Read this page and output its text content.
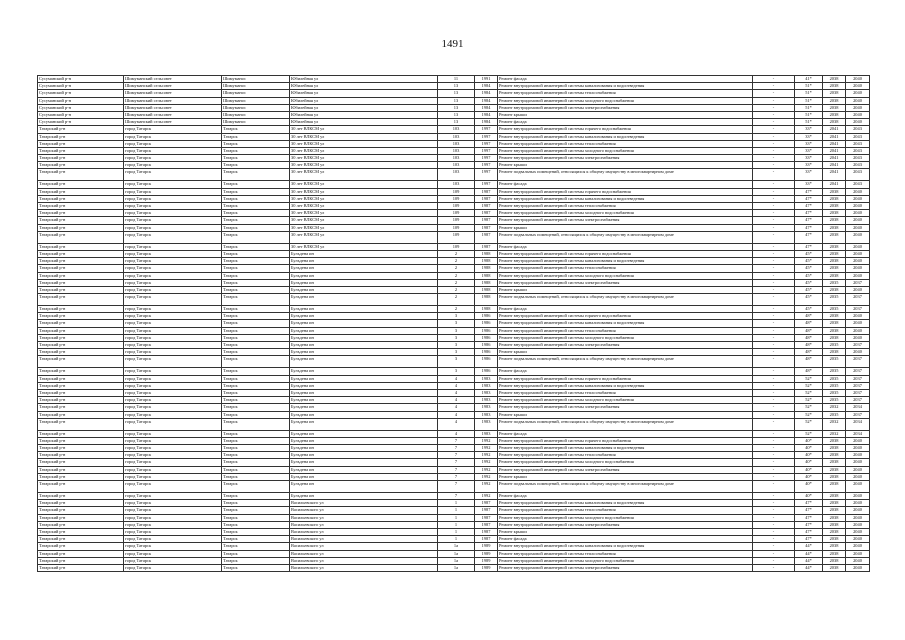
1491
Сусуманский р-н	Шимуманский сельсовет	Шимуманос	Юбилейная ул	11	1991	Ремонт фасада	-	41*	2038	2040
Сусуманский р-н	Шимуманский сельсовет	Шимуманос	Юбилейная ул	13	1984	Ремонт внутридомовой инженерной системы канализования и водоотведения	-	51*	2038	2040
Сусуманский р-н	Шимуманский сельсовет	Шимуманос	Юбилейная ул	13	1984	Ремонт внутридомовой инженерной системы теплоснабжения	-	51*	2038	2040
Сусуманский р-н	Шимуманский сельсовет	Шимуманос	Юбилейная ул	13	1984	Ремонт внутридомовой инженерной системы холодного водоснабжения	-	51*	2038	2040
Сусуманский р-н	Шимуманский сельсовет	Шимуманос	Юбилейная ул	13	1984	Ремонт внутридомовой инженерной системы электроснабжения	-	51*	2038	2040
Сусуманский р-н	Шимуманский сельсовет	Шимуманос	Юбилейная ул	13	1984	Ремонт крыши	-	51*	2038	2040
Сусуманский р-н	Шимуманский сельсовет	Шимуманос	Юбилейная ул	13	1984	Ремонт фасада	-	51*	2038	2040
Татарский р-н	город Татарск	Татарск	30 лет ВЛКСМ ул	103	1997	Ремонт внутридомовой инженерной системы горячего водоснабжения	-	33*	2041	2043
Татарский р-н	город Татарск	Татарск	30 лет ВЛКСМ ул	103	1997	Ремонт внутридомовой инженерной системы канализования и водоотведения	-	33*	2041	2043
Татарский р-н	город Татарск	Татарск	30 лет ВЛКСМ ул	103	1997	Ремонт внутридомовой инженерной системы теплоснабжения	-	33*	2041	2043
Татарский р-н	город Татарск	Татарск	30 лет ВЛКСМ ул	103	1997	Ремонт внутридомовой инженерной системы холодного водоснабжения	-	33*	2041	2043
Татарский р-н	город Татарск	Татарск	30 лет ВЛКСМ ул	103	1997	Ремонт внутридомовой инженерной системы электроснабжения	-	33*	2041	2043
Татарский р-н	город Татарск	Татарск	30 лет ВЛКСМ ул	103	1997	Ремонт крыши	-	33*	2041	2043
Татарский р-н	город Татарск	Татарск	30 лет ВЛКСМ ул	103	1997	Ремонт подвальных помещений, относящихся к общему имуществу в многоквартирном доме	-	33*	2041	2043
Татарский р-н	город Татарск	Татарск	30 лет ВЛКСМ ул	103	1997	Ремонт фасада	-	33*	2041	2043
Татарский р-н	город Татарск	Татарск	30 лет ВЛКСМ ул	109	1987	Ремонт внутридомовой инженерной системы горячего водоснабжения	-	47*	2038	2040
Татарский р-н	город Татарск	Татарск	30 лет ВЛКСМ ул	109	1987	Ремонт внутридомовой инженерной системы канализования и водоотведения	-	47*	2038	2040
Татарский р-н	город Татарск	Татарск	30 лет ВЛКСМ ул	109	1987	Ремонт внутридомовой инженерной системы теплоснабжения	-	47*	2038	2040
Татарский р-н	город Татарск	Татарск	30 лет ВЛКСМ ул	109	1987	Ремонт внутридомовой инженерной системы холодного водоснабжения	-	47*	2038	2040
Татарский р-н	город Татарск	Татарск	30 лет ВЛКСМ ул	109	1987	Ремонт внутридомовой инженерной системы электроснабжения	-	47*	2038	2040
Татарский р-н	город Татарск	Татарск	30 лет ВЛКСМ ул	109	1987	Ремонт крыши	-	47*	2038	2040
Татарский р-н	город Татарск	Татарск	30 лет ВЛКСМ ул	109	1987	Ремонт подвальных помещений, относящихся к общему имуществу в многоквартирном доме	-	47*	2038	2040
Татарский р-н	город Татарск	Татарск	30 лет ВЛКСМ ул	109	1987	Ремонт фасада	-	47*	2038	2040
Татарский р-н	город Татарск	Татарск	Бульдена ин	2	1988	Ремонт внутридомовой инженерной системы горячего водоснабжения	-	45*	2038	2040
Татарский р-н	город Татарск	Татарск	Бульдена ин	2	1988	Ремонт внутридомовой инженерной системы канализования и водоотведения	-	45*	2038	2040
Татарский р-н	город Татарск	Татарск	Бульдена ин	2	1988	Ремонт внутридомовой инженерной системы теплоснабжения	-	45*	2038	2040
Татарский р-н	город Татарск	Татарск	Бульдена ин	2	1988	Ремонт внутридомовой инженерной системы холодного водоснабжения	-	45*	2038	2040
Татарский р-н	город Татарск	Татарск	Бульдена ин	2	1988	Ремонт внутридомовой инженерной системы электроснабжения	-	45*	2035	2037
Татарский р-н	город Татарск	Татарск	Бульдена ин	2	1988	Ремонт крыши	-	45*	2038	2040
Татарский р-н	город Татарск	Татарск	Бульдена ин	2	1988	Ремонт подвальных помещений, относящихся к общему имуществу в многоквартирном доме	-	45*	2035	2037
Татарский р-н	город Татарск	Татарск	Бульдена ин	2	1988	Ремонт фасада	-	45*	2035	2037
Татарский р-н	город Татарск	Татарск	Бульдена ин	3	1986	Ремонт внутридомовой инженерной системы горячего водоснабжения	-	48*	2038	2040
Татарский р-н	город Татарск	Татарск	Бульдена ин	3	1986	Ремонт внутридомовой инженерной системы канализования и водоотведения	-	48*	2038	2040
Татарский р-н	город Татарск	Татарск	Бульдена ин	3	1986	Ремонт внутридомовой инженерной системы теплоснабжения	-	48*	2038	2040
Татарский р-н	город Татарск	Татарск	Бульдена ин	3	1986	Ремонт внутридомовой инженерной системы холодного водоснабжения	-	48*	2038	2040
Татарский р-н	город Татарск	Татарск	Бульдена ин	3	1986	Ремонт внутридомовой инженерной системы электроснабжения	-	48*	2035	2037
Татарский р-н	город Татарск	Татарск	Бульдена ин	3	1986	Ремонт крыши	-	48*	2038	2040
Татарский р-н	город Татарск	Татарск	Бульдена ин	3	1986	Ремонт подвальных помещений, относящихся к общему имуществу в многоквартирном доме	-	48*	2035	2037
Татарский р-н	город Татарск	Татарск	Бульдена ин	3	1986	Ремонт фасада	-	48*	2035	2037
Татарский р-н	город Татарск	Татарск	Бульдена ин	4	1983	Ремонт внутридомовой инженерной системы горячего водоснабжения	-	52*	2035	2037
Татарский р-н	город Татарск	Татарск	Бульдена ин	4	1983	Ремонт внутридомовой инженерной системы канализования и водоотведения	-	52*	2035	2037
Татарский р-н	город Татарск	Татарск	Бульдена ин	4	1983	Ремонт внутридомовой инженерной системы теплоснабжения	-	52*	2035	2037
Татарский р-н	город Татарск	Татарск	Бульдена ин	4	1983	Ремонт внутридомовой инженерной системы холодного водоснабжения	-	52*	2035	2037
Татарский р-н	город Татарск	Татарск	Бульдена ин	4	1983	Ремонт внутридомовой инженерной системы электроснабжения	-	52*	2032	2034
Татарский р-н	город Татарск	Татарск	Бульдена ин	4	1983	Ремонт крыши	-	52*	2035	2037
Татарский р-н	город Татарск	Татарск	Бульдена ин	4	1983	Ремонт подвальных помещений, относящихся к общему имуществу в многоквартирном доме	-	52*	2032	2034
Татарский р-н	город Татарск	Татарск	Бульдена ин	4	1983	Ремонт фасада	-	52*	2032	2034
Татарский р-н	город Татарск	Татарск	Бульдена ин	7	1992	Ремонт внутридомовой инженерной системы горячего водоснабжения	-	40*	2038	2040
Татарский р-н	город Татарск	Татарск	Бульдена ин	7	1992	Ремонт внутридомовой инженерной системы канализования и водоотведения	-	40*	2038	2040
Татарский р-н	город Татарск	Татарск	Бульдена ин	7	1992	Ремонт внутридомовой инженерной системы теплоснабжения	-	40*	2038	2040
Татарский р-н	город Татарск	Татарск	Бульдена ин	7	1992	Ремонт внутридомовой инженерной системы холодного водоснабжения	-	40*	2038	2040
Татарский р-н	город Татарск	Татарск	Бульдена ин	7	1992	Ремонт внутридомовой инженерной системы электроснабжения	-	40*	2038	2040
Татарский р-н	город Татарск	Татарск	Бульдена ин	7	1992	Ремонт крыши	-	40*	2038	2040
Татарский р-н	город Татарск	Татарск	Бульдена ин	7	1992	Ремонт подвальных помещений, относящихся к общему имуществу в многоквартирном доме	-	40*	2038	2040
Татарский р-н	город Татарск	Татарск	Бульдена ин	7	1992	Ремонт фасада	-	40*	2038	2040
Татарский р-н	город Татарск	Татарск	Васильевского ул	1	1987	Ремонт внутридомовой инженерной системы канализования и водоотведения	-	47*	2038	2040
Татарский р-н	город Татарск	Татарск	Васильевского ул	1	1987	Ремонт внутридомовой инженерной системы теплоснабжения	-	47*	2038	2040
Татарский р-н	город Татарск	Татарск	Васильевского ул	1	1987	Ремонт внутридомовой инженерной системы холодного водоснабжения	-	47*	2038	2040
Татарский р-н	город Татарск	Татарск	Васильевского ул	1	1987	Ремонт внутридомовой инженерной системы электроснабжения	-	47*	2038	2040
Татарский р-н	город Татарск	Татарск	Васильевского ул	1	1987	Ремонт крыши	-	47*	2038	2040
Татарский р-н	город Татарск	Татарск	Васильевского ул	1	1987	Ремонт фасада	-	47*	2038	2040
Татарский р-н	город Татарск	Татарск	Васильевского ул	1а	1989	Ремонт внутридомовой инженерной системы канализования и водоотведения	-	44*	2038	2040
Татарский р-н	город Татарск	Татарск	Васильевского ул	1а	1989	Ремонт внутридомовой инженерной системы теплоснабжения	-	44*	2038	2040
Татарский р-н	город Татарск	Татарск	Васильевского ул	1а	1989	Ремонт внутридомовой инженерной системы холодного водоснабжения	-	44*	2038	2040
Татарский р-н	город Татарск	Татарск	Васильевского ул	1а	1989	Ремонт внутридомовой инженерной системы электроснабжения	-	44*	2038	2040
